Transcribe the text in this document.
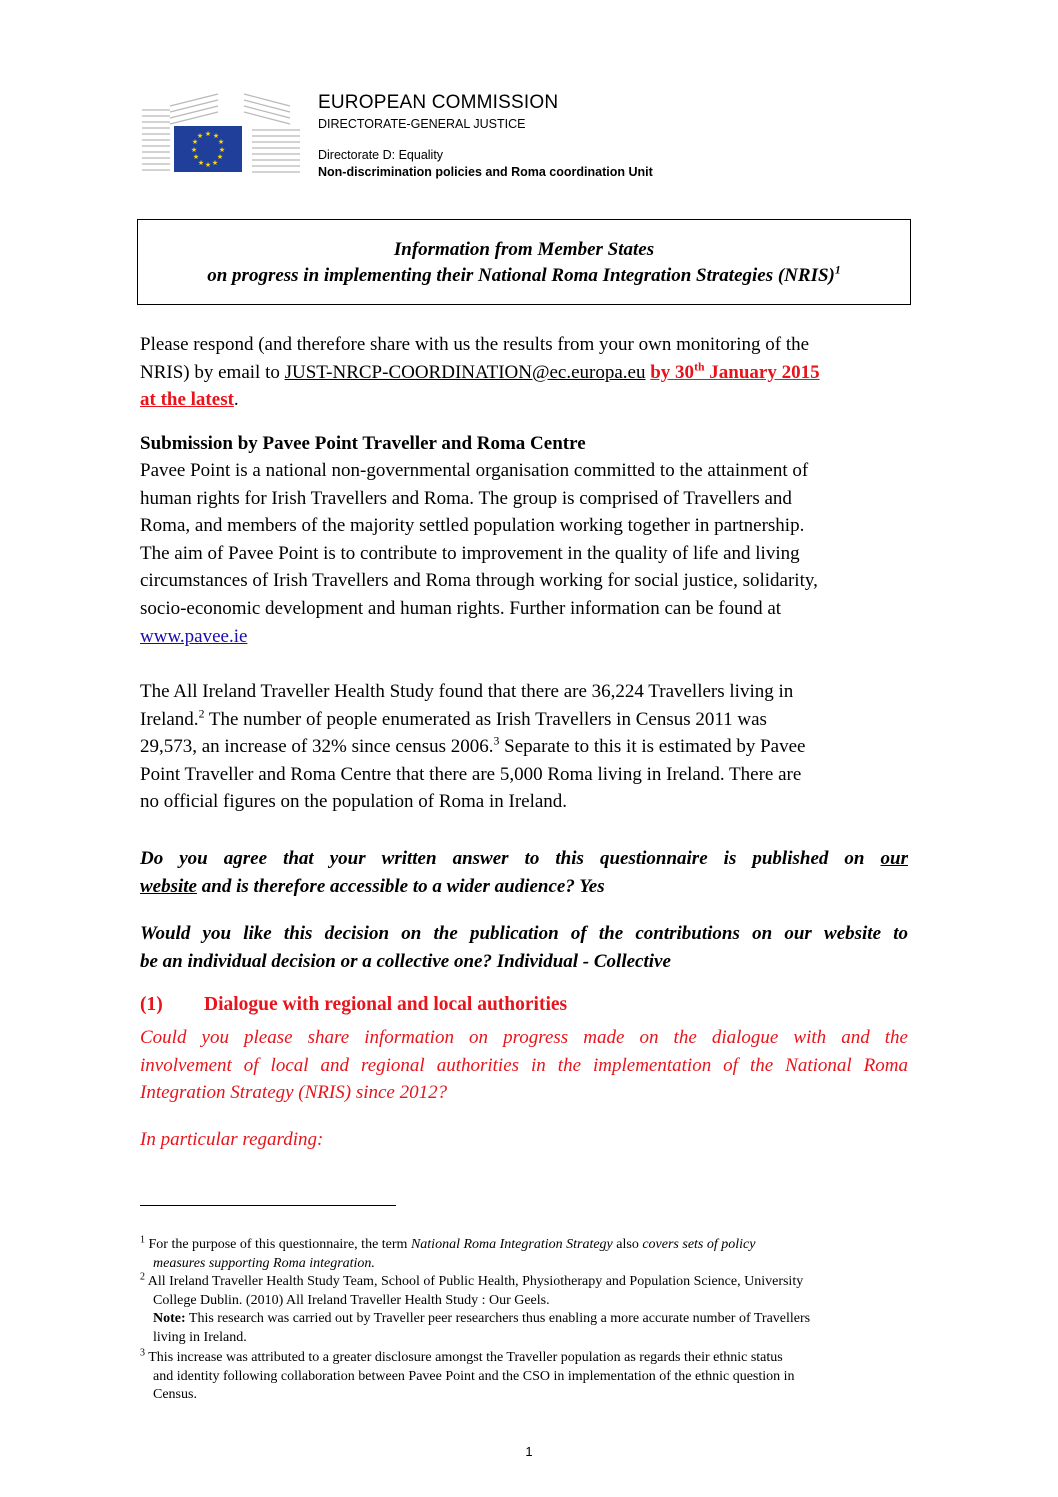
★ ★
★
★
★
★
★
★
★
★
★
★
EUROPEAN COMMISSION
DIRECTORATE-GENERAL JUSTICE
Directorate D: Equality
Non-discrimination policies and Roma coordination Unit
Information from Member States
on progress in implementing their National Roma Integration Strategies (NRIS)$^1$
Please respond (and therefore share with us the results from your own monitoring of the
NRIS) by email to JUST-NRCP-COORDINATION@ec.europa.eu by 30th January 2015
at the latest.
Submission by Pavee Point Traveller and Roma Centre
Pavee Point is a national non-governmental organisation committed to the attainment of
human rights for Irish Travellers and Roma. The group is comprised of Travellers and
Roma, and members of the majority settled population working together in partnership.
The aim of Pavee Point is to contribute to improvement in the quality of life and living
circumstances of Irish Travellers and Roma through working for social justice, solidarity,
socio-economic development and human rights. Further information can be found at
www.pavee.ie
The All Ireland Traveller Health Study found that there are 36,224 Travellers living in
Ireland.$^2$ The number of people enumerated as Irish Travellers in Census 2011 was
29,573, an increase of 32% since census 2006.$^3$ Separate to this it is estimated by Pavee
Point Traveller and Roma Centre that there are 5,000 Roma living in Ireland. There are
no official figures on the population of Roma in Ireland.
Do you agree that your written answer to this questionnaire is published on our
website and is therefore accessible to a wider audience? Yes
Would you like this decision on the publication of the contributions on our website to
be an individual decision or a collective one? Individual - Collective
(1) Dialogue with regional and local authorities
Could you please share information on progress made on the dialogue with and the
involvement of local and regional authorities in the implementation of the National Roma
Integration Strategy (NRIS) since 2012?
In particular regarding:
$^1$ For the purpose of this questionnaire, the term National Roma Integration Strategy also covers sets of policy
measures supporting Roma integration.
$^2$ All Ireland Traveller Health Study Team, School of Public Health, Physiotherapy and Population Science, University
College Dublin. (2010) All Ireland Traveller Health Study : Our Geels.
Note: This research was carried out by Traveller peer researchers thus enabling a more accurate number of Travellers
living in Ireland.
$^3$ This increase was attributed to a greater disclosure amongst the Traveller population as regards their ethnic status
and identity following collaboration between Pavee Point and the CSO in implementation of the ethnic question in
Census.
1
